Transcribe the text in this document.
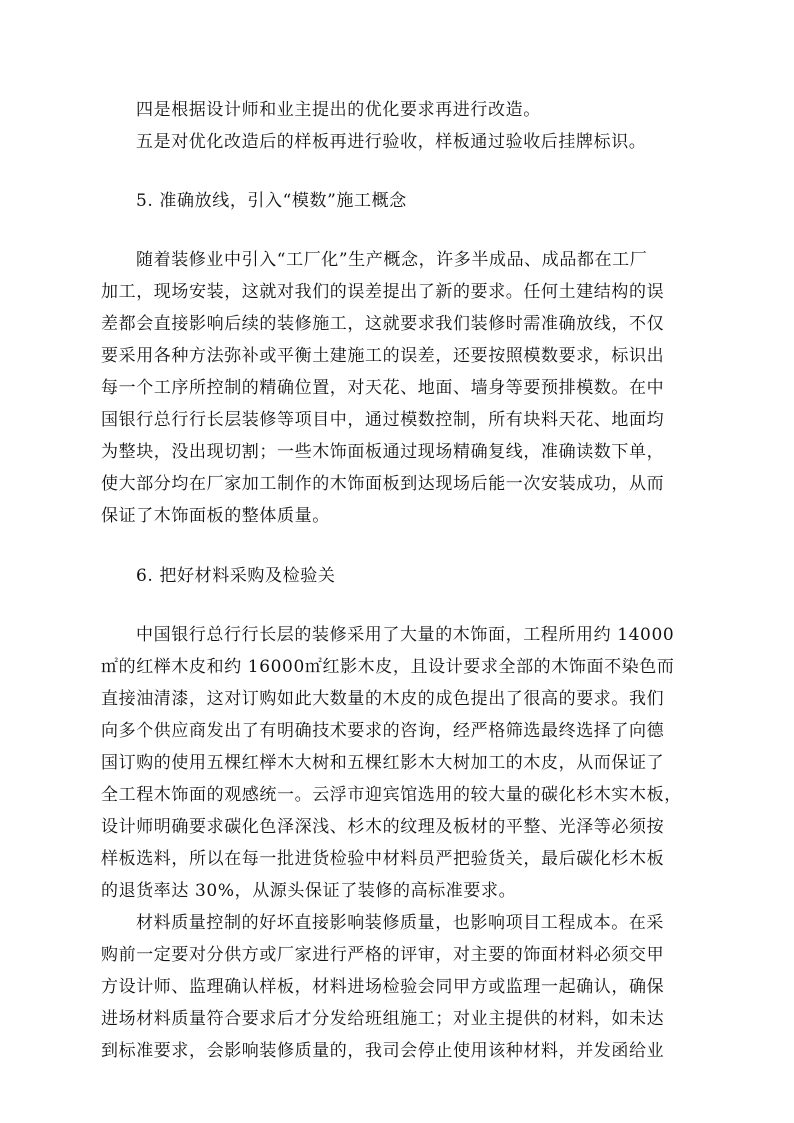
四是根据设计师和业主提出的优化要求再进行改造。
五是对优化改造后的样板再进行验收，样板通过验收后挂牌标识。
5. 准确放线，引入“模数”施工概念
随着装修业中引入“工厂化”生产概念，许多半成品、成品都在工厂
加工，现场安装，这就对我们的误差提出了新的要求。任何土建结构的误
差都会直接影响后续的装修施工，这就要求我们装修时需准确放线，不仅
要采用各种方法弥补或平衡土建施工的误差，还要按照模数要求，标识出
每一个工序所控制的精确位置，对天花、地面、墙身等要预排模数。在中
国银行总行行长层装修等项目中，通过模数控制，所有块料天花、地面均
为整块，没出现切割；一些木饰面板通过现场精确复线，准确读数下单，
使大部分均在厂家加工制作的木饰面板到达现场后能一次安装成功，从而
保证了木饰面板的整体质量。
6. 把好材料采购及检验关
中国银行总行行长层的装修采用了大量的木饰面，工程所用约 14000
㎡的红榉木皮和约 16000㎡红影木皮，且设计要求全部的木饰面不染色而
直接油清漆，这对订购如此大数量的木皮的成色提出了很高的要求。我们
向多个供应商发出了有明确技术要求的咨询，经严格筛选最终选择了向德
国订购的使用五棵红榉木大树和五棵红影木大树加工的木皮，从而保证了
全工程木饰面的观感统一。云浮市迎宾馆选用的较大量的碳化杉木实木板，
设计师明确要求碳化色泽深浅、杉木的纹理及板材的平整、光泽等必须按
样板选料，所以在每一批进货检验中材料员严把验货关，最后碳化杉木板
的退货率达 30%，从源头保证了装修的高标准要求。
材料质量控制的好坏直接影响装修质量，也影响项目工程成本。在采
购前一定要对分供方或厂家进行严格的评审，对主要的饰面材料必须交甲
方设计师、监理确认样板，材料进场检验会同甲方或监理一起确认，确保
进场材料质量符合要求后才分发给班组施工；对业主提供的材料，如未达
到标准要求，会影响装修质量的，我司会停止使用该种材料，并发函给业
